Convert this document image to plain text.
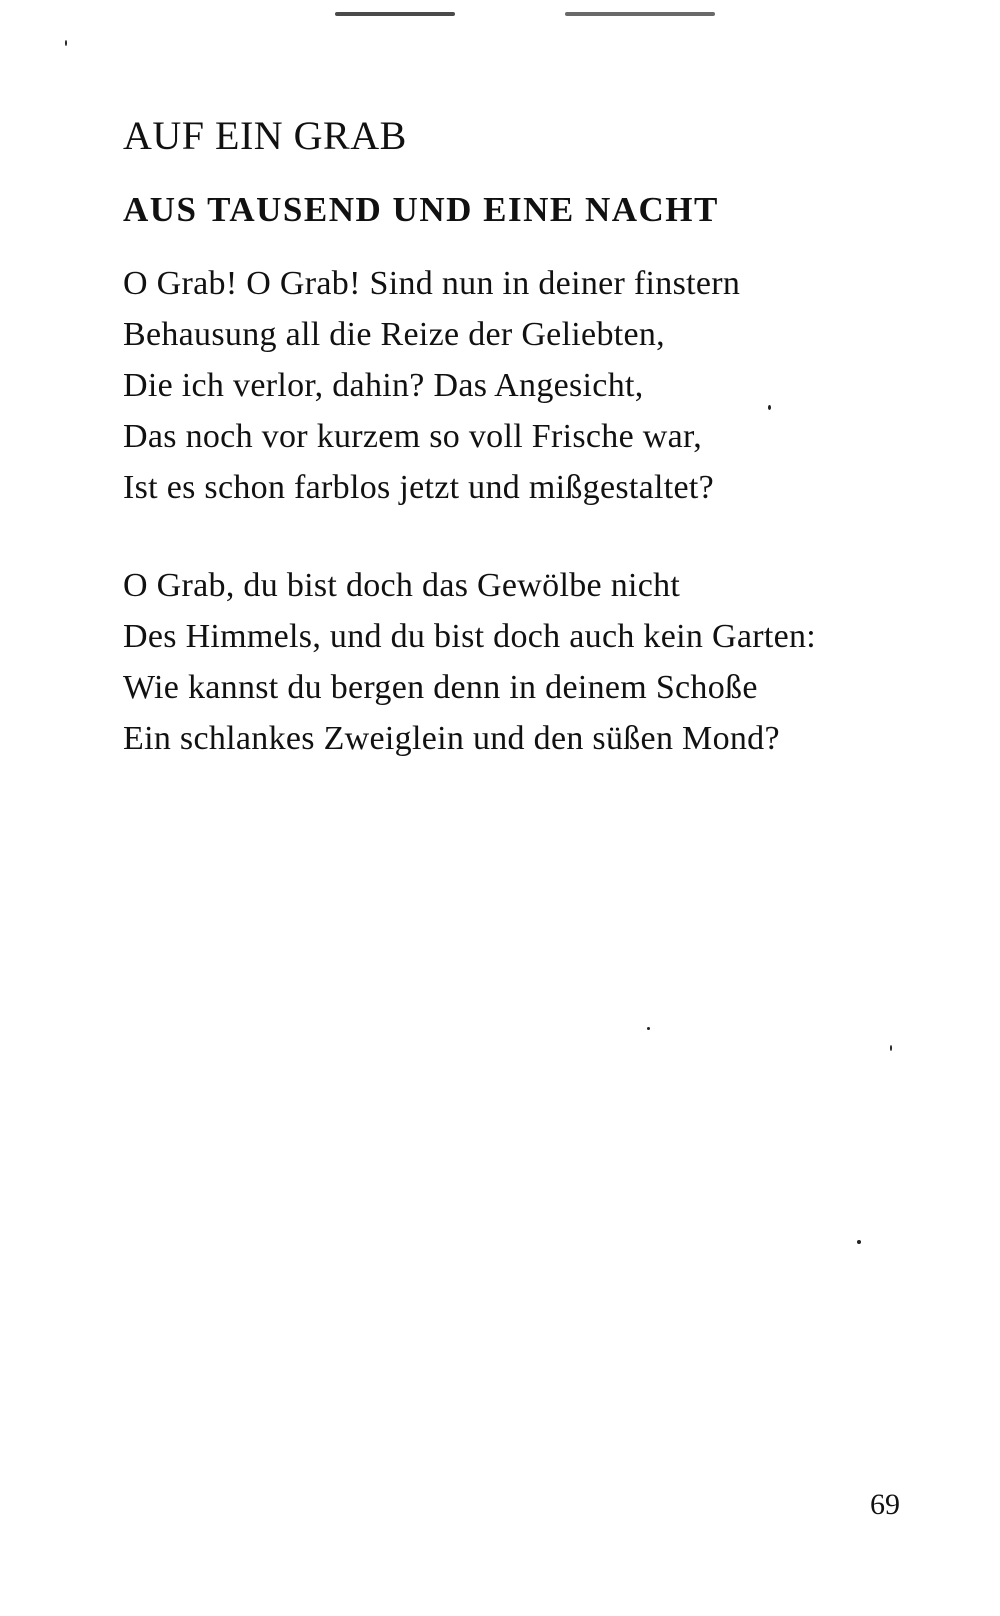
AUF EIN GRAB
AUS TAUSEND UND EINE NACHT
O Grab! O Grab! Sind nun in deiner finstern
Behausung all die Reize der Geliebten,
Die ich verlor, dahin? Das Angesicht,
Das noch vor kurzem so voll Frische war,
Ist es schon farblos jetzt und mißgestaltet?
O Grab, du bist doch das Gewölbe nicht
Des Himmels, und du bist doch auch kein Garten:
Wie kannst du bergen denn in deinem Schoße
Ein schlankes Zweiglein und den süßen Mond?
69
